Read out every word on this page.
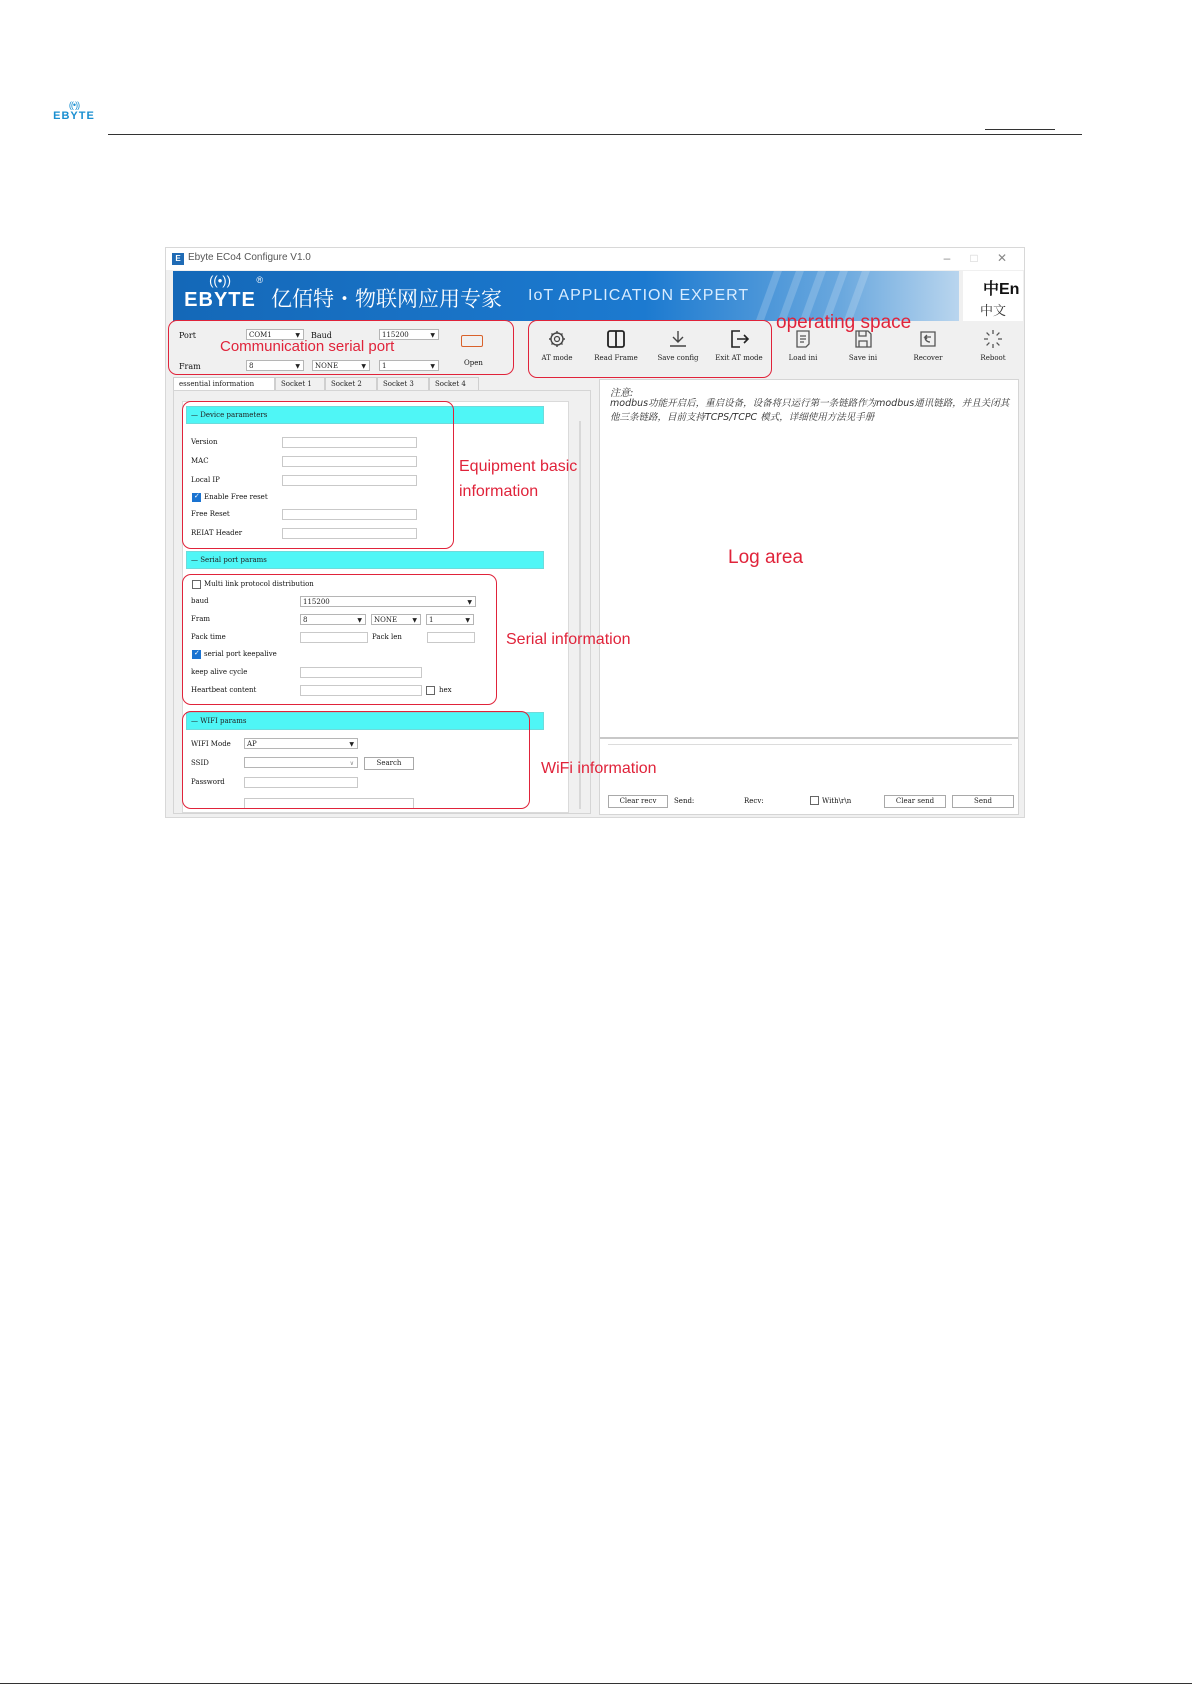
((•))
EBYTE
E Ebyte ECo4 Configure V1.0	–	□	✕
((•))
EBYTE
®
亿佰特・物联网应用专家 IoT APPLICATION EXPERT	中En
中文
Port	COM1	▼ Baud	115200	▼
Fram	8	▼	NONE	▼	1	▼	Open
AT mode	Read Frame	Save config	Exit AT mode	Load ini	Save ini	Recover	Reboot
essential information	Socket 1	Socket 2	Socket 3	Socket 4
— Device parameters
Version
MAC
Local IP
✓
Enable Free reset
Free Reset
REIAT Header
— Serial port params
Multi link protocol distribution
baud	115200	▼
Fram	8	▼	NONE	▼	1	▼
Pack time	Pack len
✓
serial port keepalive
keep alive cycle
Heartbeat content	hex
— WIFI params
WIFI Mode	AP	▼
SSID	∨	Search
Password
注意:
modbus功能开启后，重启设备，设备将只运行第一条链路作为modbus通讯链路，并且关闭其他三条链路，目前支持TCPS/TCPC 模式，详细使用方法见手册
Clear recv	Send:	Recv:	With\r\n	Clear send	Send
Communication serial port
operating space
Equipment basic information
Log area
Serial information
WiFi information
